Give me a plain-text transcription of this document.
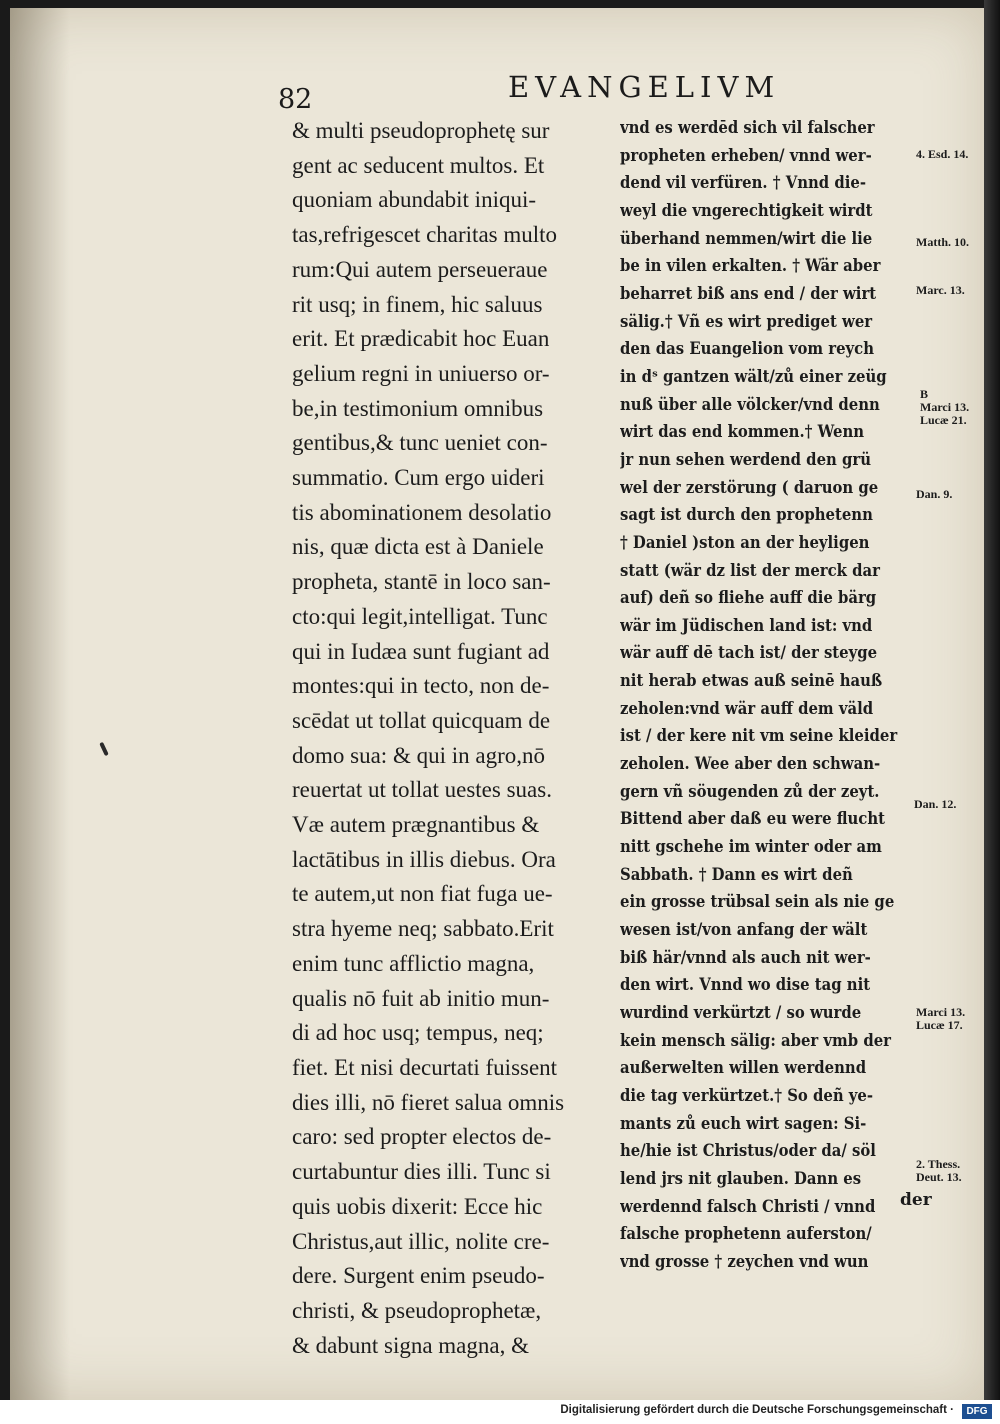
82	EVANGELIVM
& multi pseudoprophetę sur
gent ac seducent multos. Et
quoniam abundabit iniqui-
tas,refrigescet charitas multo
rum:Qui autem perseuerauе
rit usq; in finem, hic saluus
erit. Et prædicabit hoc Euan
gelium regni in uniuerso or-
be,in testimonium omnibus
gentibus,& tunc ueniet con-
summatio. Cum ergo uideri
tis abominationem desolatio
nis, quæ dicta est à Daniele
propheta, stantē in loco san-
cto:qui legit,intelligat. Tunc
qui in Iudæa sunt fugiant ad
montes:qui in tecto, non de-
scēdat ut tollat quicquam de
domo sua: & qui in agro,nō
reuertat ut tollat uestes suas.
Væ autem prægnantibus &
lactātibus in illis diebus. Ora
te autem,ut non fiat fuga ue-
stra hyeme neq; sabbato.Erit
enim tunc afflictio magna,
qualis nō fuit ab initio mun-
di ad hoc usq; tempus, neq;
fiet. Et nisi decurtati fuissent
dies illi, nō fieret salua omnis
caro: sed propter electos de-
curtabuntur dies illi. Tunc si
quis uobis dixerit: Ecce hic
Christus,aut illic, nolite cre-
dere. Surgent enim pseudo-
christi, & pseudoprophetæ,
& dabunt signa magna, &
vnd es werdēd sich vil falscher
propheten erheben/ vnnd wer-
dend vil verfüren. † Vnnd die-
weyl die vngerechtigkeit wirdt
überhand nemmen/wirt die lie
be in vilen erkalten. † Wär aber
beharret biß ans end / der wirt
sälig.† Vñ es wirt prediget wer
den das Euangelion vom reych
in dˢ gantzen wält/zů einer zeüg
nuß über alle völcker/vnd denn
wirt das end kommen.† Wenn
jr nun sehen werdend den grü
wel der zerstörung ( daruon ge
sagt ist durch den prophetenn
† Daniel )ston an der heyligen
statt (wär dz list der merck dar
auf) deñ so fliehe auff die bärg
wär im Jüdischen land ist: vnd
wär auff dē tach ist/ der steyge
nit herab etwas auß seinē hauß
zeholen:vnd wär auff dem väld
ist / der kere nit vm seine kleider
zeholen. Wee aber den schwan-
gern vñ söugenden zů der zeyt.
Bittend aber daß eu were flucht
nitt gschehe im winter oder am
Sabbath. † Dann es wirt deñ
ein grosse trübsal sein als nie ge
wesen ist/von anfang der wält
biß här/vnnd als auch nit wer-
den wirt. Vnnd wo dise tag nit
wurdind verkürtzt / so wurde
kein mensch sälig: aber vmb der
außerwelten willen werdennd
die tag verkürtzet.† So deñ ye-
mants zů euch wirt sagen: Si-
he/hie ist Christus/oder da/ söl
lend jrs nit glauben. Dann es
werdennd falsch Christi / vnnd
falsche prophetenn auferston/
vnd grosse † zeychen vnd wun
der
4. Esd. 14.
Matth. 10.
Marc. 13.
B
Marci 13.
Lucæ 21.
Dan. 9.
Dan. 12.
Marci 13.
Lucæ 17.
2. Thess.
Deut. 13.
Digitalisierung gefördert durch die Deutsche Forschungsgemeinschaft ·	DFG
